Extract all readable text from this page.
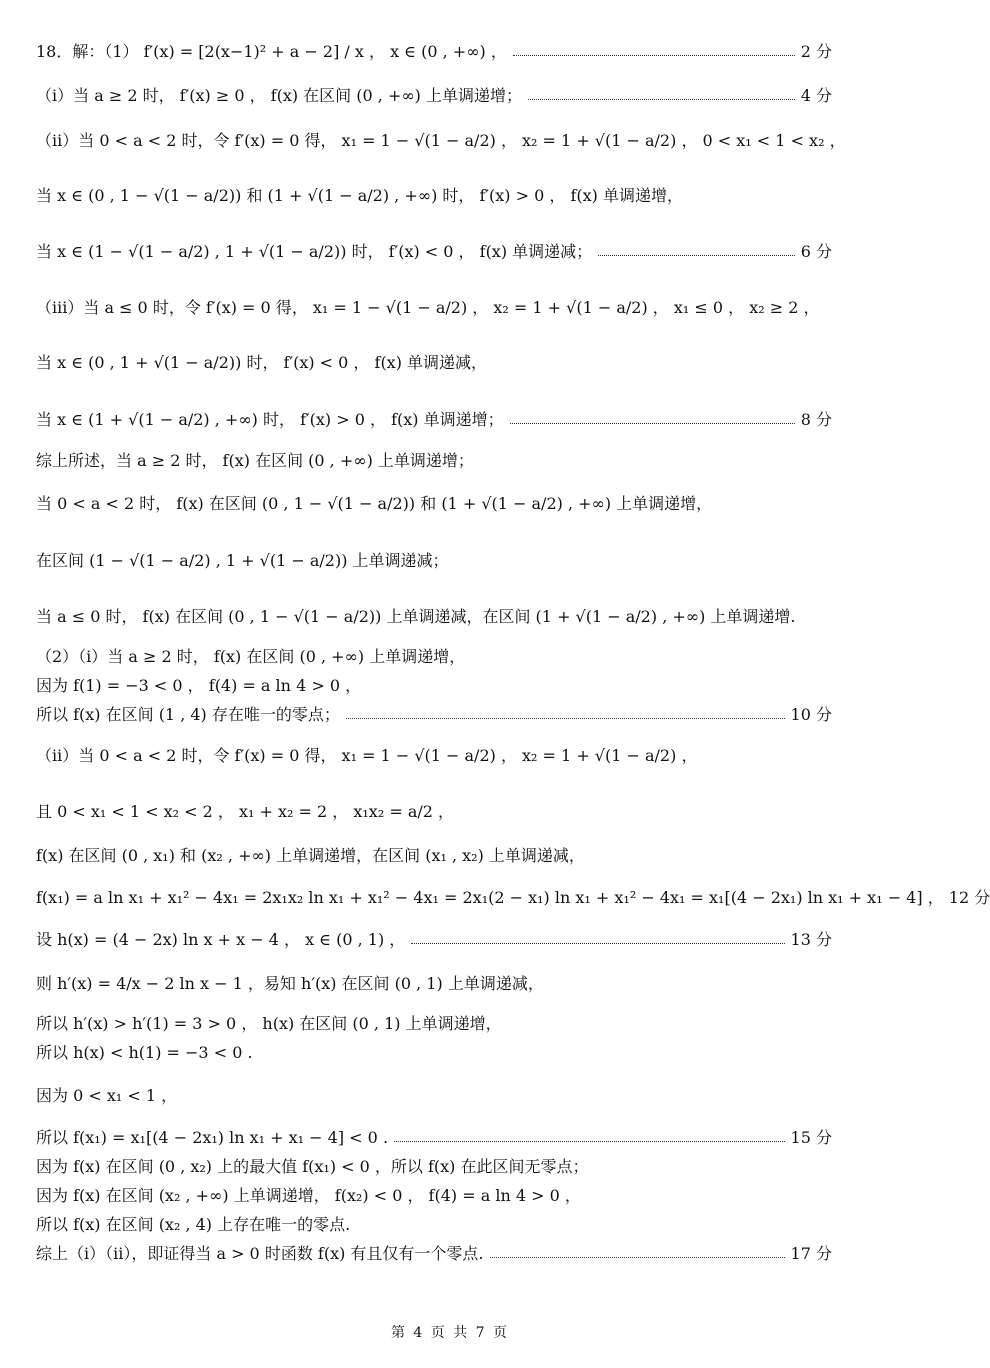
18．解：（1） f′(x) = [2(x−1)² + a − 2] / x ， x ∈ (0 , +∞) ，	2 分
（i）当 a ≥ 2 时， f′(x) ≥ 0 ， f(x) 在区间 (0 , +∞) 上单调递增；	4 分
（ii）当 0 < a < 2 时，令 f′(x) = 0 得， x₁ = 1 − √(1 − a/2) ， x₂ = 1 + √(1 − a/2) ， 0 < x₁ < 1 < x₂ ，
当 x ∈ (0 , 1 − √(1 − a/2)) 和 (1 + √(1 − a/2) , +∞) 时， f′(x) > 0 ， f(x) 单调递增，
当 x ∈ (1 − √(1 − a/2) , 1 + √(1 − a/2)) 时， f′(x) < 0 ， f(x) 单调递减；	6 分
（iii）当 a ≤ 0 时，令 f′(x) = 0 得， x₁ = 1 − √(1 − a/2) ， x₂ = 1 + √(1 − a/2) ， x₁ ≤ 0 ， x₂ ≥ 2 ，
当 x ∈ (0 , 1 + √(1 − a/2)) 时， f′(x) < 0 ， f(x) 单调递减，
当 x ∈ (1 + √(1 − a/2) , +∞) 时， f′(x) > 0 ， f(x) 单调递增；	8 分
综上所述，当 a ≥ 2 时， f(x) 在区间 (0 , +∞) 上单调递增；
当 0 < a < 2 时， f(x) 在区间 (0 , 1 − √(1 − a/2)) 和 (1 + √(1 − a/2) , +∞) 上单调递增，
在区间 (1 − √(1 − a/2) , 1 + √(1 − a/2)) 上单调递减；
当 a ≤ 0 时， f(x) 在区间 (0 , 1 − √(1 − a/2)) 上单调递减，在区间 (1 + √(1 − a/2) , +∞) 上单调递增.
（2）（i）当 a ≥ 2 时， f(x) 在区间 (0 , +∞) 上单调递增，
因为 f(1) = −3 < 0 ， f(4) = a ln 4 > 0 ，
所以 f(x) 在区间 (1 , 4) 存在唯一的零点；	10 分
（ii）当 0 < a < 2 时，令 f′(x) = 0 得， x₁ = 1 − √(1 − a/2) ， x₂ = 1 + √(1 − a/2) ，
且 0 < x₁ < 1 < x₂ < 2 ， x₁ + x₂ = 2 ， x₁x₂ = a/2 ，
f(x) 在区间 (0 , x₁) 和 (x₂ , +∞) 上单调递增，在区间 (x₁ , x₂) 上单调递减，
f(x₁) = a ln x₁ + x₁² − 4x₁ = 2x₁x₂ ln x₁ + x₁² − 4x₁ = 2x₁(2 − x₁) ln x₁ + x₁² − 4x₁ = x₁[(4 − 2x₁) ln x₁ + x₁ − 4] ， 12 分
设 h(x) = (4 − 2x) ln x + x − 4 ， x ∈ (0 , 1) ，	13 分
则 h′(x) = 4/x − 2 ln x − 1 ，易知 h′(x) 在区间 (0 , 1) 上单调递减，
所以 h′(x) > h′(1) = 3 > 0 ， h(x) 在区间 (0 , 1) 上单调递增，
所以 h(x) < h(1) = −3 < 0 .
因为 0 < x₁ < 1 ，
所以 f(x₁) = x₁[(4 − 2x₁) ln x₁ + x₁ − 4] < 0 .	15 分
因为 f(x) 在区间 (0 , x₂) 上的最大值 f(x₁) < 0 ，所以 f(x) 在此区间无零点；
因为 f(x) 在区间 (x₂ , +∞) 上单调递增， f(x₂) < 0 ， f(4) = a ln 4 > 0 ，
所以 f(x) 在区间 (x₂ , 4) 上存在唯一的零点.
综上（i）（ii），即证得当 a > 0 时函数 f(x) 有且仅有一个零点.	17 分
第 4 页 共 7 页
